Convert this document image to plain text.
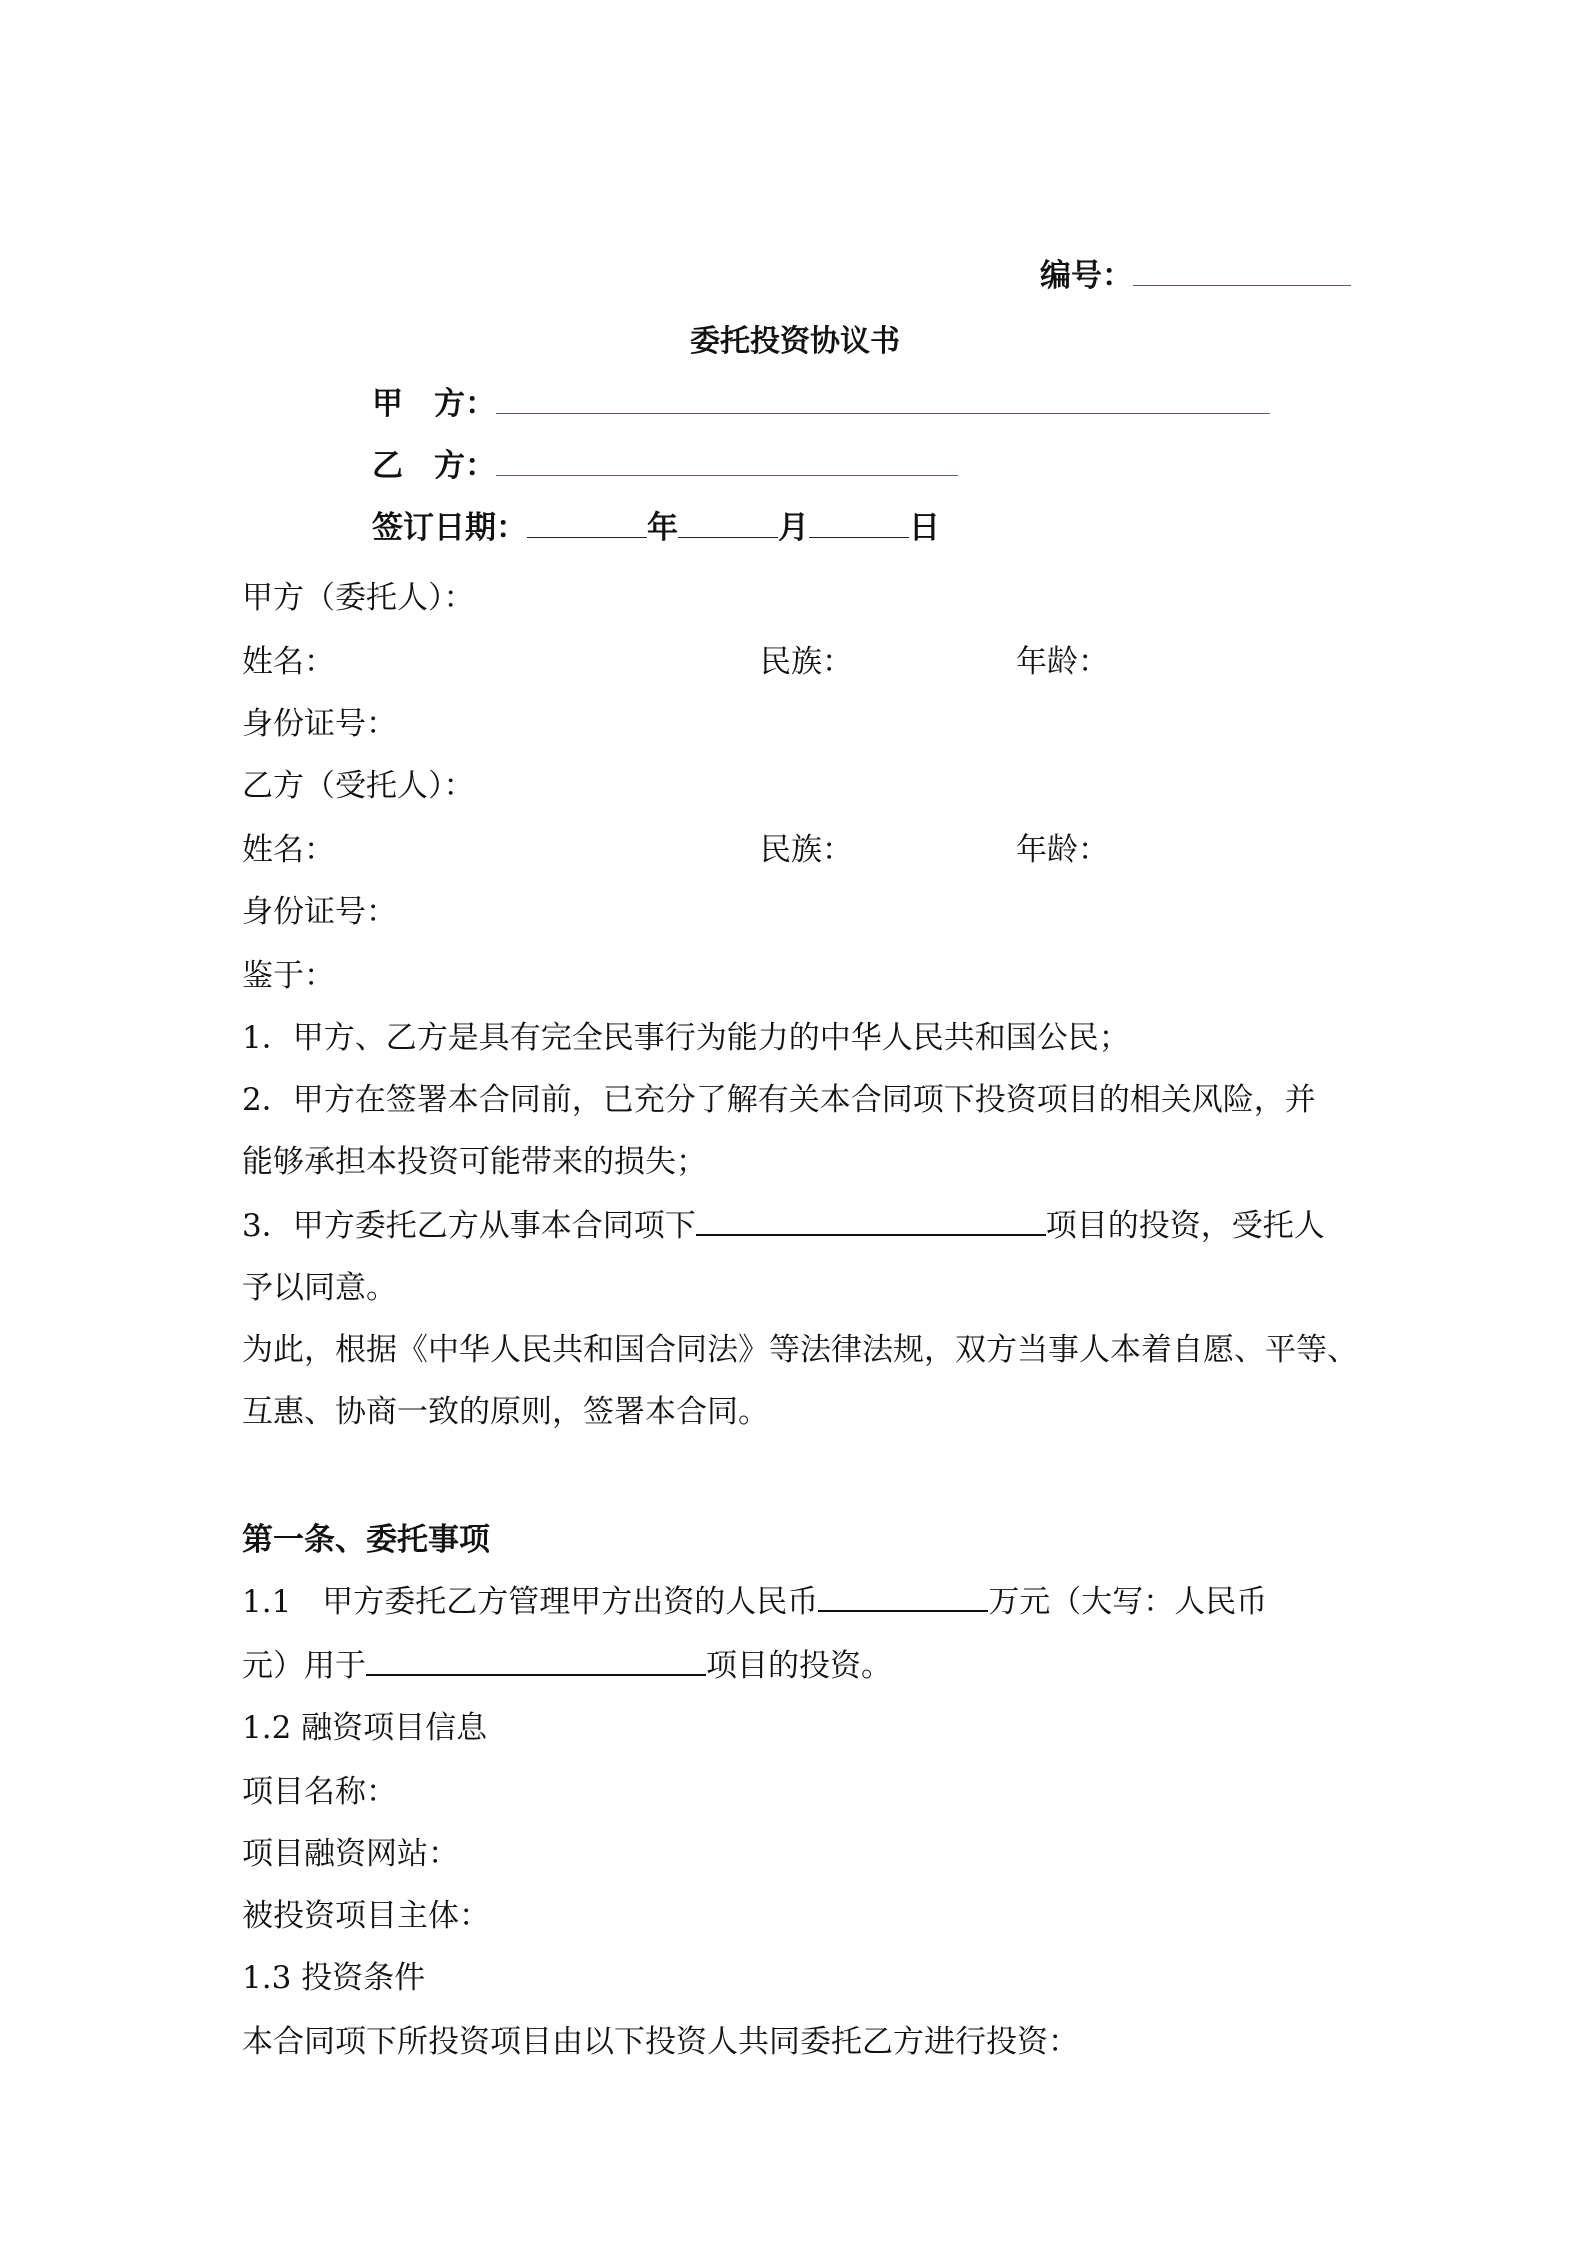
编号：
委托投资协议书
甲　方：
乙　方：
签订日期：	年	月	日
甲方（委托人）：
姓名：	民族：	年龄：
身份证号：
乙方（受托人）：
姓名：	民族：	年龄：
身份证号：
鉴于：
1．甲方、乙方是具有完全民事行为能力的中华人民共和国公民；
2．甲方在签署本合同前，已充分了解有关本合同项下投资项目的相关风险，并
能够承担本投资可能带来的损失；
3．甲方委托乙方从事本合同项下	项目的投资，受托人
予以同意。
为此，根据《中华人民共和国合同法》等法律法规，双方当事人本着自愿、平等、
互惠、协商一致的原则，签署本合同。
第一条、委托事项
1.1　甲方委托乙方管理甲方出资的人民币	万元（大写：人民币
元）用于	项目的投资。
1.2 融资项目信息
项目名称：
项目融资网站：
被投资项目主体：
1.3 投资条件
本合同项下所投资项目由以下投资人共同委托乙方进行投资：
